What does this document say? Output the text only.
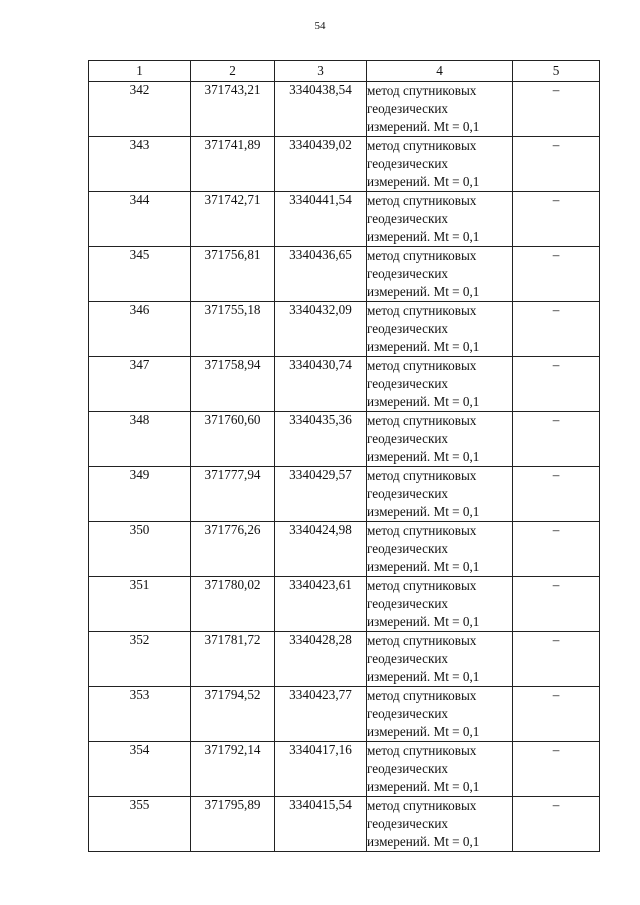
54
1	2	3	4	5
342	371743,21	3340438,54	метод спутниковых
геодезических
измерений. Mt = 0,1	–
343	371741,89	3340439,02	метод спутниковых
геодезических
измерений. Mt = 0,1	–
344	371742,71	3340441,54	метод спутниковых
геодезических
измерений. Mt = 0,1	–
345	371756,81	3340436,65	метод спутниковых
геодезических
измерений. Mt = 0,1	–
346	371755,18	3340432,09	метод спутниковых
геодезических
измерений. Mt = 0,1	–
347	371758,94	3340430,74	метод спутниковых
геодезических
измерений. Mt = 0,1	–
348	371760,60	3340435,36	метод спутниковых
геодезических
измерений. Mt = 0,1	–
349	371777,94	3340429,57	метод спутниковых
геодезических
измерений. Mt = 0,1	–
350	371776,26	3340424,98	метод спутниковых
геодезических
измерений. Mt = 0,1	–
351	371780,02	3340423,61	метод спутниковых
геодезических
измерений. Mt = 0,1	–
352	371781,72	3340428,28	метод спутниковых
геодезических
измерений. Mt = 0,1	–
353	371794,52	3340423,77	метод спутниковых
геодезических
измерений. Mt = 0,1	–
354	371792,14	3340417,16	метод спутниковых
геодезических
измерений. Mt = 0,1	–
355	371795,89	3340415,54	метод спутниковых
геодезических
измерений. Mt = 0,1	–
